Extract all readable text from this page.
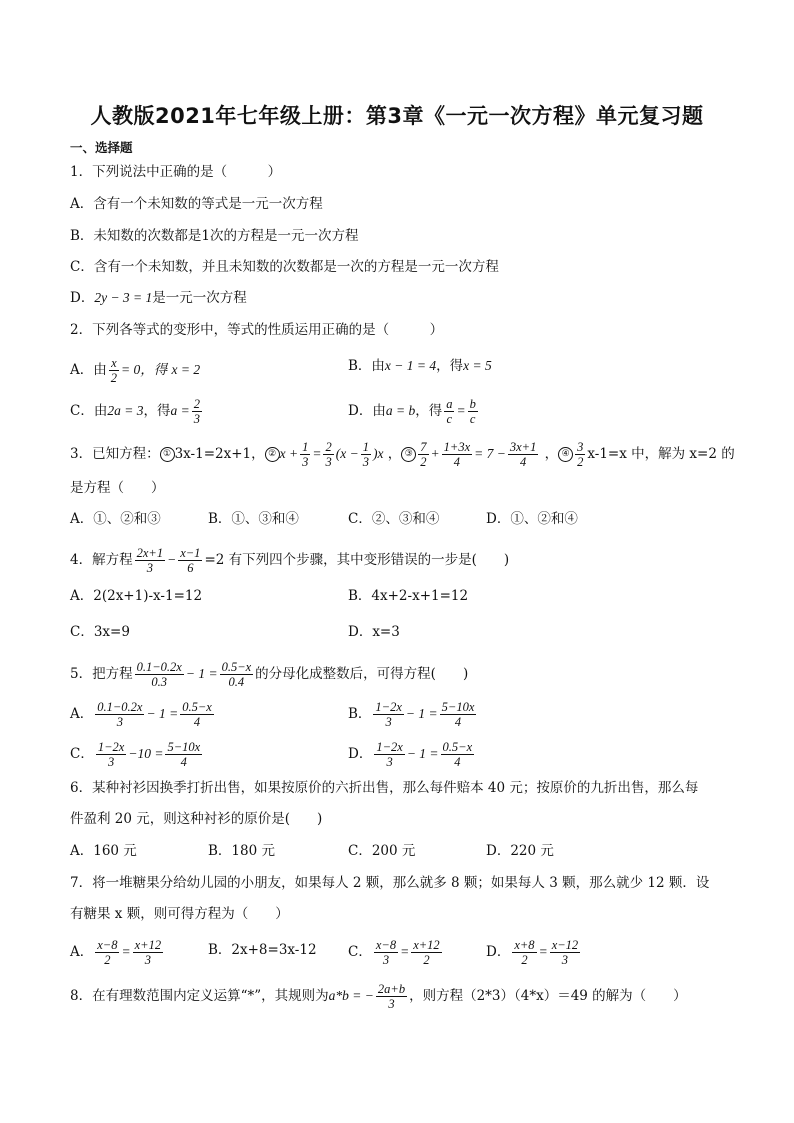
人教版2021年七年级上册：第3章《一元一次方程》单元复习题
一、选择题
1．下列说法中正确的是（　　　）
A．含有一个未知数的等式是一元一次方程
B．未知数的次数都是1次的方程是一元一次方程
C．含有一个未知数，并且未知数的次数都是一次的方程是一元一次方程
D．2y − 3 = 1是一元一次方程
2．下列各等式的变形中，等式的性质运用正确的是（　　　）
A．由 $\frac{x}{2} = 0$，得 x = 2	B．由x − 1 = 4，得x = 5
C．由2a = 3，得$a = \frac{2}{3}$	D．由a = b，得 $\frac{a}{c} = \frac{b}{c}$
3．已知方程： ① 3x-1=2x+1， ② $x + \frac{1}{3} = \frac{2}{3} (x - \frac{1}{3} )x$ ， ③ $\frac{7}{2} + \frac{1+3x}{4} = 7 - \frac{3x+1}{4}$ ， ④ $\frac{3}{2} x-1=x$ 中，解为 x=2 的
是方程（　　）
A．①、②和③	B．①、③和④	C．②、③和④	D．①、②和④
4．解方程 $\frac{2x+1}{3} - \frac{x-1}{6} =2$ 有下列四个步骤，其中变形错误的一步是(　　)
A．2(2x+1)-x-1=12	B．4x+2-x+1=12
C．3x=9	D．x=3
5．把方程 $\frac{0.1-0.2x}{0.3} - 1 = \frac{0.5-x}{0.4}$ 的分母化成整数后，可得方程(　　)
A． $\frac{0.1-0.2x}{3} - 1 = \frac{0.5-x}{4}$	B． $\frac{1-2x}{3} - 1 = \frac{5-10x}{4}$
C． $\frac{1-2x}{3} -10 = \frac{5-10x}{4}$	D． $\frac{1-2x}{3} - 1 = \frac{0.5-x}{4}$
6．某种衬衫因换季打折出售，如果按原价的六折出售，那么每件赔本 40 元；按原价的九折出售，那么每
件盈利 20 元，则这种衬衫的原价是(　　)
A．160 元	B．180 元	C．200 元	D．220 元
7．将一堆糖果分给幼儿园的小朋友，如果每人 2 颗，那么就多 8 颗；如果每人 3 颗，那么就少 12 颗．设
有糖果 x 颗，则可得方程为（　　）
A． $\frac{x-8}{2} = \frac{x+12}{3}$	B．2x+8=3x-12 C． $\frac{x-8}{3} = \frac{x+12}{2}$	D． $\frac{x+8}{2} = \frac{x-12}{3}$
8．在有理数范围内定义运算“*”，其规则为a*b = − $\frac{2a+b}{3}$ ，则方程（2*3）（4*x）＝49 的解为（　　）
